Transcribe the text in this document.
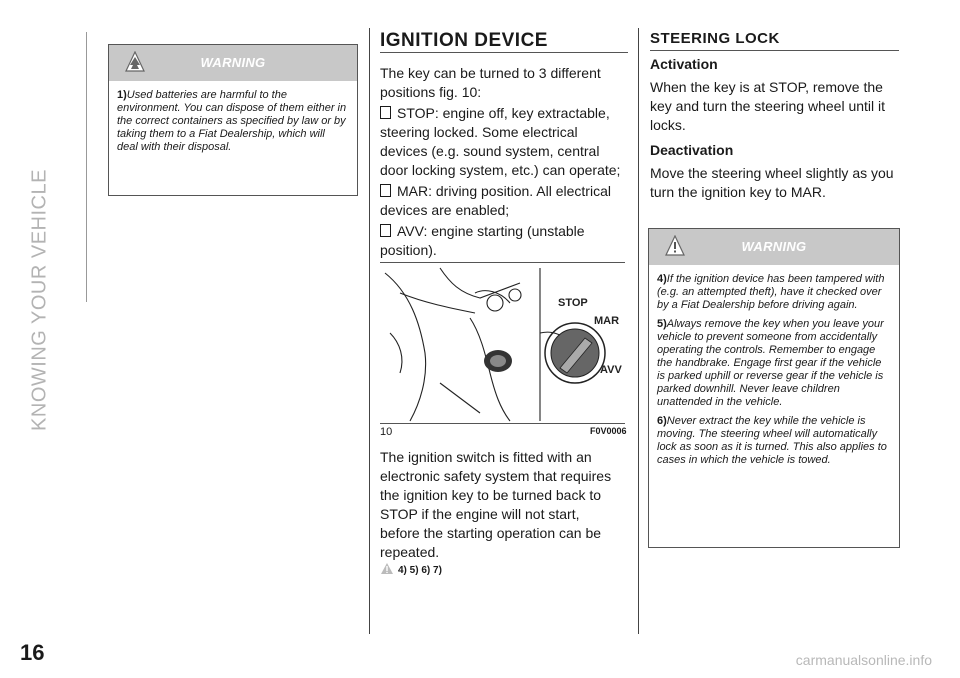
KNOWING YOUR VEHICLE
WARNING

1)Used batteries are harmful to the environment. You can dispose of them either in the correct containers as specified by law or by taking them to a Fiat Dealership, which will deal with their disposal.

IGNITION DEVICE
The key can be turned to 3 different positions fig. 10:
STOP: engine off, key extractable, steering locked. Some electrical devices (e.g. sound system, central door locking system, etc.) can operate;
MAR: driving position. All electrical devices are enabled;
AVV: engine starting (unstable position).
STOP
MAR
AVV
10	F0V0006
The ignition switch is fitted with an electronic safety system that requires the ignition key to be turned back to STOP if the engine will not start, before the starting operation can be repeated.
4) 5) 6) 7)
STEERING LOCK
Activation
When the key is at STOP, remove the key and turn the steering wheel until it locks.
Deactivation
Move the steering wheel slightly as you turn the ignition key to MAR.
WARNING

4)If the ignition device has been tampered with (e.g. an attempted theft), have it checked over by a Fiat Dealership before driving again.

5)Always remove the key when you leave your vehicle to prevent someone from accidentally operating the controls. Remember to engage the handbrake. Engage first gear if the vehicle is parked uphill or reverse gear if the vehicle is parked downhill. Never leave children unattended in the vehicle.

6)Never extract the key while the vehicle is moving. The steering wheel will automatically lock as soon as it is turned. This also applies to cases in which the vehicle is towed.

16	carmanualsonline.info
